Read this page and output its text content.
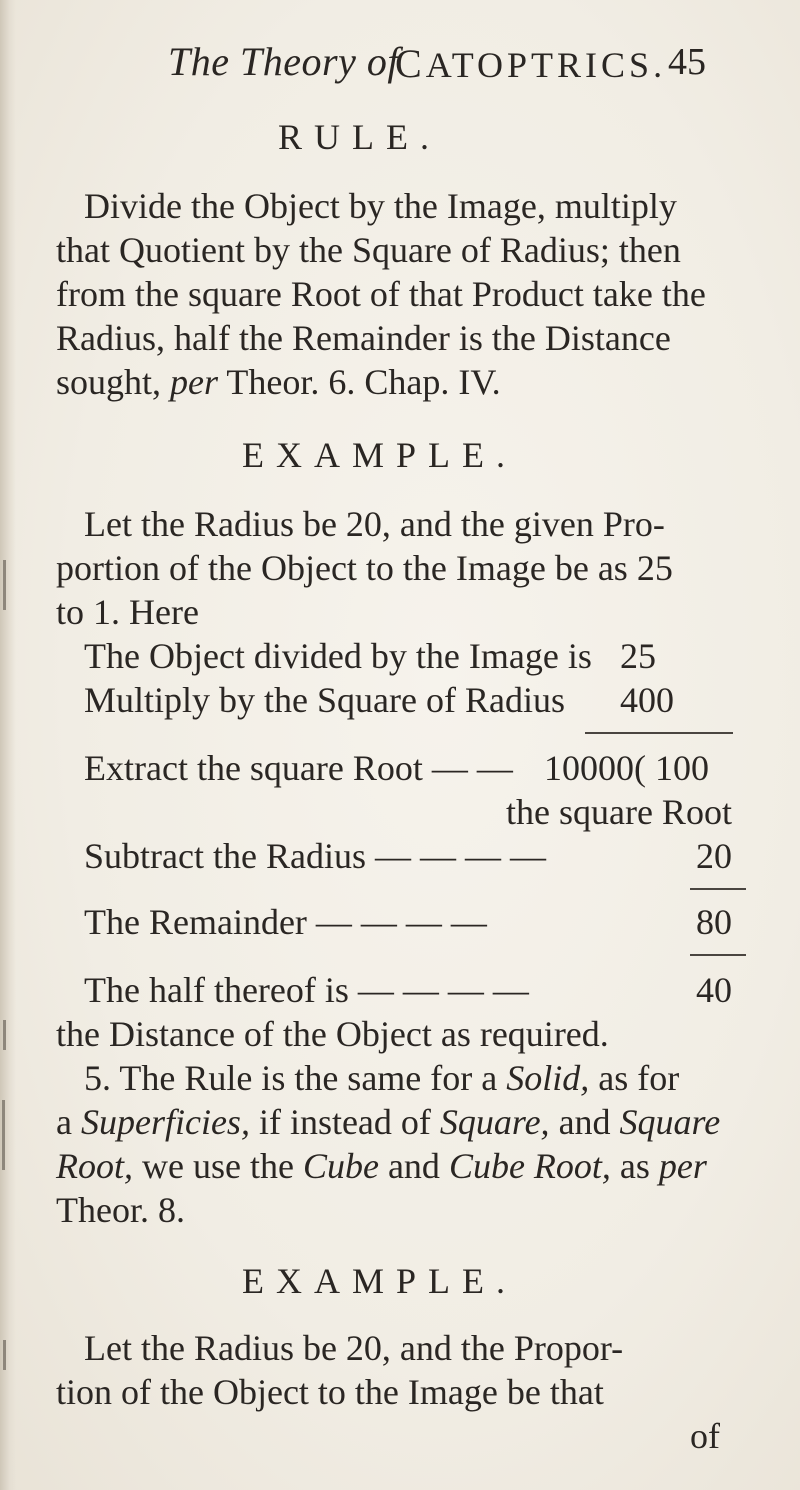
The Theory of
CATOPTRICS. 45
RULE.
Divide the Object by the Image, multiply
that Quotient by the Square of Radius; then
from the square Root of that Product take the
Radius, half the Remainder is the Distance
sought, per Theor. 6. Chap. IV.
EXAMPLE.
Let the Radius be 20, and the given Pro-
portion of the Object to the Image be as 25
to 1. Here
The Object divided by the Image is 25
Multiply by the Square of Radius 400
Extract the square Root — — 10000( 100
the square Root
Subtract the Radius — — — —	20
The Remainder — — — —	80
The half thereof is — — — —	40
the Distance of the Object as required.
5. The Rule is the same for a Solid, as for
a Superficies, if instead of Square, and Square
Root, we use the Cube and Cube Root, as per
Theor. 8.
EXAMPLE.
Let the Radius be 20, and the Propor-
tion of the Object to the Image be that
of
